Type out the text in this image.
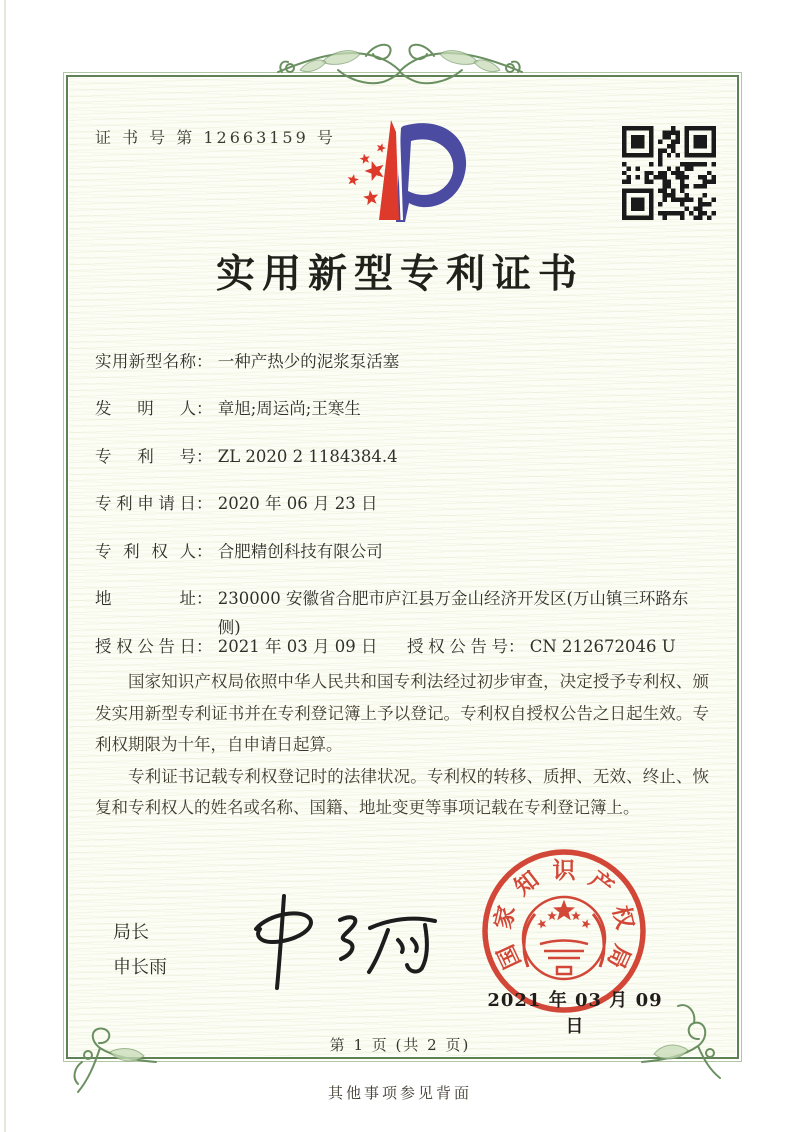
证 书 号 第 12663159 号
实用新型专利证书
实用新型名称： 一种产热少的泥浆泵活塞
发明人： 章旭;周运尚;王寒生
专利号： ZL 2020 2 1184384.4
专利申请日： 2020 年 06 月 23 日
专利权人： 合肥精创科技有限公司
地址： 230000 安徽省合肥市庐江县万金山经济开发区(万山镇三环路东侧)
授权公告日： 2021 年 03 月 09 日 授权公告号： CN 212672046 U

国家知识产权局依照中华人民共和国专利法经过初步审查，决定授予专利权、颁发实用新型专利证书并在专利登记簿上予以登记。专利权自授权公告之日起生效。专利权期限为十年，自申请日起算。

专利证书记载专利权登记时的法律状况。专利权的转移、质押、无效、终止、恢复和专利权人的姓名或名称、国籍、地址变更等事项记载在专利登记簿上。

局长
申长雨	国
家
知 识 产
权
局
2021 年 03 月 09 日
第 1 页 (共 2 页)
其他事项参见背面
